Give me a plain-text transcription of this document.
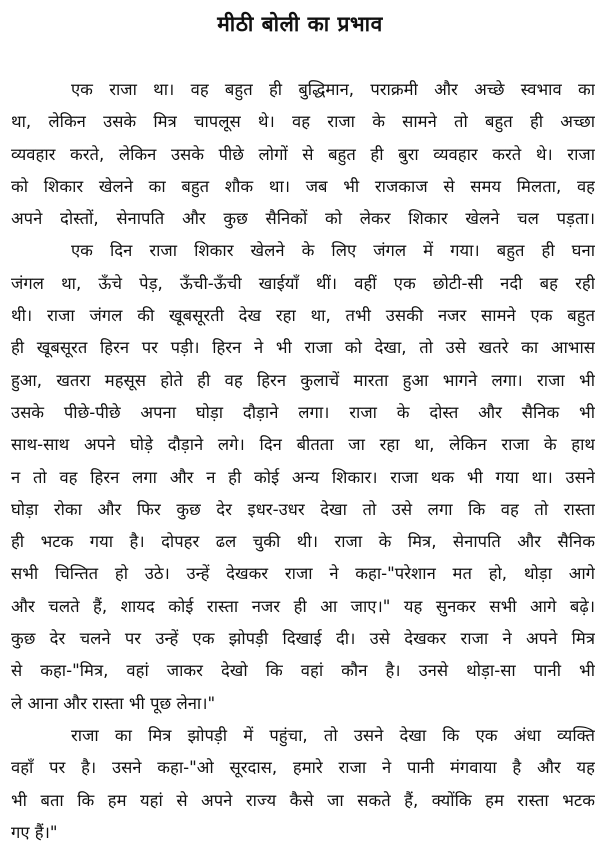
मीठी बोली का प्रभाव
एक राजा था। वह बहुत ही बुद्धिमान, पराक्रमी और अच्छे स्वभाव का
था, लेकिन उसके मित्र चापलूस थे। वह राजा के सामने तो बहुत ही अच्छा
व्यवहार करते, लेकिन उसके पीछे लोगों से बहुत ही बुरा व्यवहार करते थे। राजा
को शिकार खेलने का बहुत शौक था। जब भी राजकाज से समय मिलता, वह
अपने दोस्तों, सेनापति और कुछ सैनिकों को लेकर शिकार खेलने चल पड़ता।
एक दिन राजा शिकार खेलने के लिए जंगल में गया। बहुत ही घना
जंगल था, ऊँचे पेड़, ऊँची-ऊँची खाईयाँ थीं। वहीं एक छोटी-सी नदी बह रही
थी। राजा जंगल की खूबसूरती देख रहा था, तभी उसकी नजर सामने एक बहुत
ही खूबसूरत हिरन पर पड़ी। हिरन ने भी राजा को देखा, तो उसे खतरे का आभास
हुआ, खतरा महसूस होते ही वह हिरन कुलाचें मारता हुआ भागने लगा। राजा भी
उसके पीछे-पीछे अपना घोड़ा दौड़ाने लगा। राजा के दोस्त और सैनिक भी
साथ-साथ अपने घोड़े दौड़ाने लगे। दिन बीतता जा रहा था, लेकिन राजा के हाथ
न तो वह हिरन लगा और न ही कोई अन्य शिकार। राजा थक भी गया था। उसने
घोड़ा रोका और फिर कुछ देर इधर-उधर देखा तो उसे लगा कि वह तो रास्ता
ही भटक गया है। दोपहर ढल चुकी थी। राजा के मित्र, सेनापति और सैनिक
सभी चिन्तित हो उठे। उन्हें देखकर राजा ने कहा-"परेशान मत हो, थोड़ा आगे
और चलते हैं, शायद कोई रास्ता नजर ही आ जाए।" यह सुनकर सभी आगे बढ़े।
कुछ देर चलने पर उन्हें एक झोपड़ी दिखाई दी। उसे देखकर राजा ने अपने मित्र
से कहा-"मित्र, वहां जाकर देखो कि वहां कौन है। उनसे थोड़ा-सा पानी भी
ले आना और रास्ता भी पूछ लेना।"
राजा का मित्र झोपड़ी में पहुंचा, तो उसने देखा कि एक अंधा व्यक्ति
वहाँ पर है। उसने कहा-"ओ सूरदास, हमारे राजा ने पानी मंगवाया है और यह
भी बता कि हम यहां से अपने राज्य कैसे जा सकते हैं, क्योंकि हम रास्ता भटक
गए हैं।"
